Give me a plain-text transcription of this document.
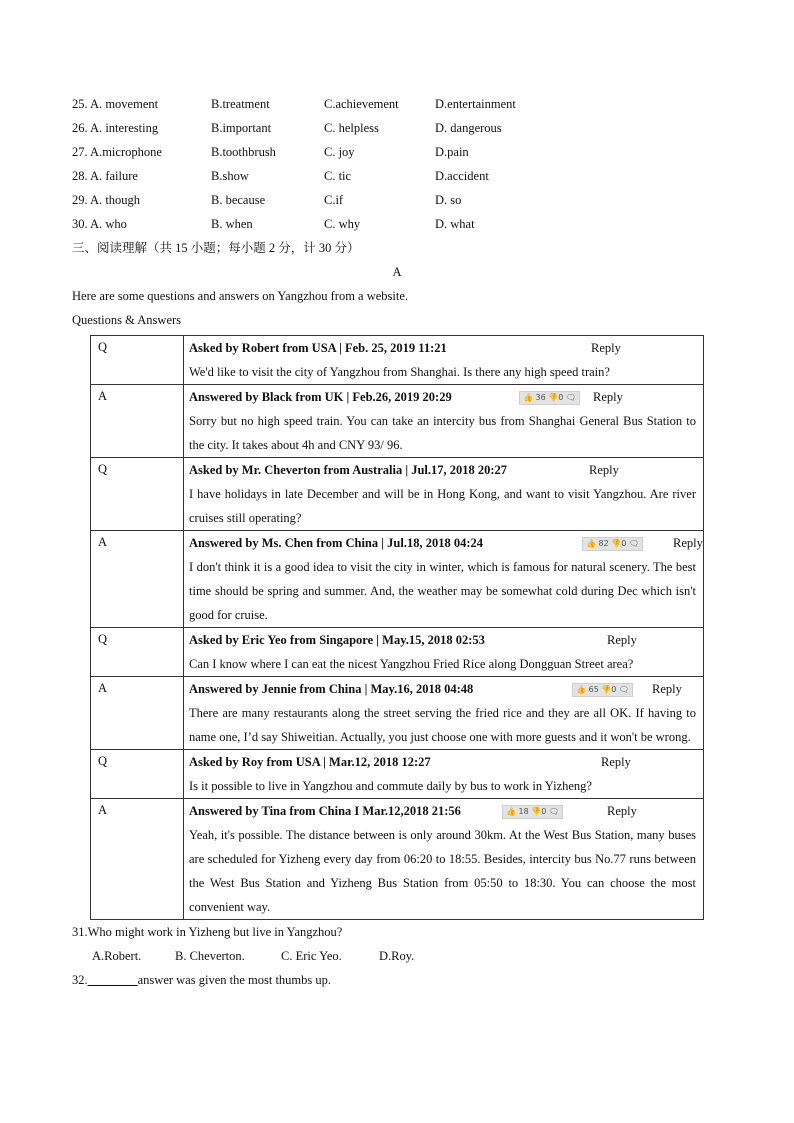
25. A. movement	B.treatment	C.achievement	D.entertainment
26. A. interesting	B.important	C. helpless	D. dangerous
27. A.microphone	B.toothbrush	C. joy	D.pain
28. A. failure	B.show	C. tic	D.accident
29. A. though	B. because	C.if	D. so
30. A. who	B. when	C. why	D. what
三、阅读理解（共 15 小题；每小题 2 分，计 30 分）
A
Here are some questions and answers on Yangzhou from a website.
Questions & Answers
Q	Asked by Robert from USA | Feb. 25, 2019 11:21 Reply
We'd like to visit the city of Yangzhou from Shanghai. Is there any high speed train?

A	Answered by Black from UK | Feb.26, 2019 20:29 👍 36 👎0 🗨 Reply
Sorry but no high speed train. You can take an intercity bus from Shanghai General Bus Station to the city. It takes about 4h and CNY 93/ 96.

Q	Asked by Mr. Cheverton from Australia | Jul.17, 2018 20:27 Reply
I have holidays in late December and will be in Hong Kong, and want to visit Yangzhou. Are river cruises still operating?

A	Answered by Ms. Chen from China | Jul.18, 2018 04:24 👍 82 👎0 🗨 Reply
I don't think it is a good idea to visit the city in winter, which is famous for natural scenery. The best time should be spring and summer. And, the weather may be somewhat cold during Dec which isn't good for cruise.

Q	Asked by Eric Yeo from Singapore | May.15, 2018 02:53 Reply
Can I know where I can eat the nicest Yangzhou Fried Rice along Dongguan Street area?

A	Answered by Jennie from China | May.16, 2018 04:48 👍 65 👎0 🗨 Reply
There are many restaurants along the street serving the fried rice and they are all OK. If having to name one, I’d say Shiweitian. Actually, you just choose one with more guests and it won't be wrong.

Q	Asked by Roy from USA | Mar.12, 2018 12:27 Reply
Is it possible to live in Yangzhou and commute daily by bus to work in Yizheng?

A	Answered by Tina from China I Mar.12,2018 21:56 👍 18 👎0 🗨 Reply
Yeah, it's possible. The distance between is only around 30km. At the West Bus Station, many buses are scheduled for Yizheng every day from 06:20 to 18:55. Besides, intercity bus No.77 runs between the West Bus Station and Yizheng Bus Station from 05:50 to 18:30. You can choose the most convenient way.
31.Who might work in Yizheng but live in Yangzhou?
A.Robert.	B. Cheverton.	C. Eric Yeo.	D.Roy.
32.________answer was given the most thumbs up.
